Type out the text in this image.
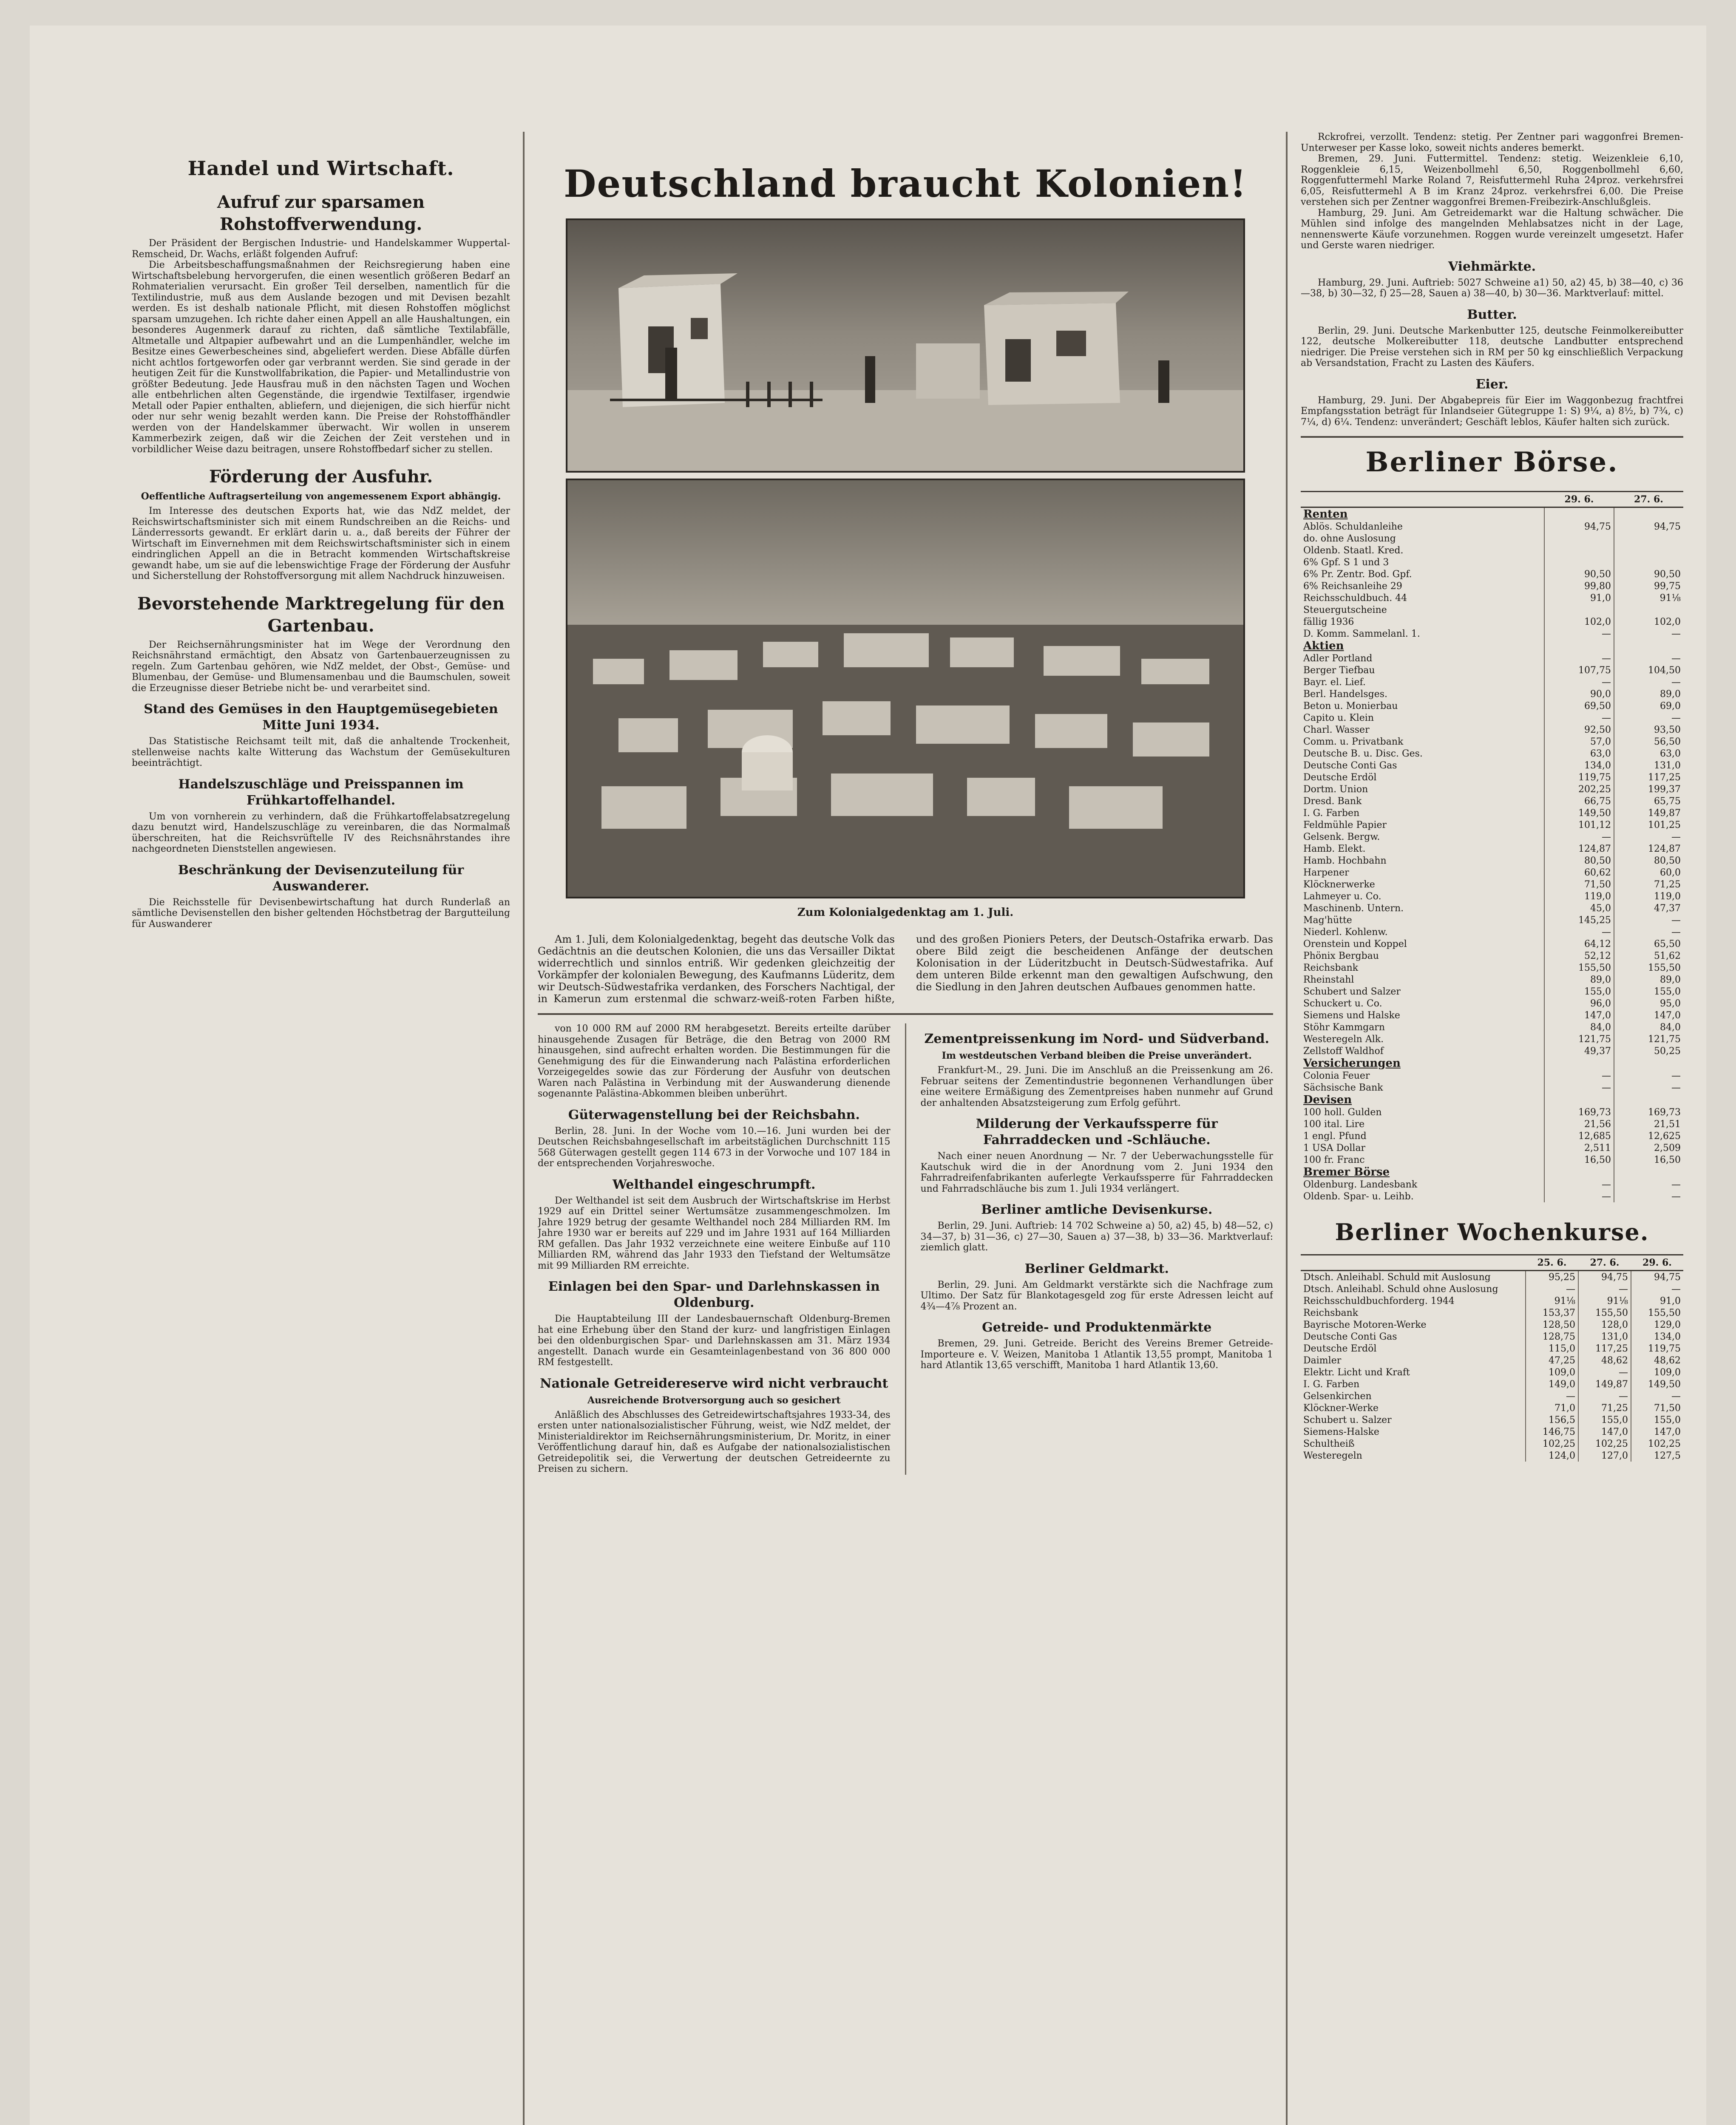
Handel und Wirtschaft.
Aufruf zur sparsamen Rohstoffverwendung.

Der Präsident der Bergischen Industrie- und Handelskammer Wuppertal-Remscheid, Dr. Wachs, erläßt folgenden Aufruf:

Die Arbeitsbeschaffungsmaßnahmen der Reichsregierung haben eine Wirtschaftsbelebung hervorgerufen, die einen wesentlich größeren Bedarf an Rohmaterialien verursacht. Ein großer Teil derselben, namentlich für die Textilindustrie, muß aus dem Auslande bezogen und mit Devisen bezahlt werden. Es ist deshalb nationale Pflicht, mit diesen Rohstoffen möglichst sparsam umzugehen. Ich richte daher einen Appell an alle Haushaltungen, ein besonderes Augenmerk darauf zu richten, daß sämtliche Textilabfälle, Altmetalle und Altpapier aufbewahrt und an die Lumpenhändler, welche im Besitze eines Gewerbescheines sind, abgeliefert werden. Diese Abfälle dürfen nicht achtlos fortgeworfen oder gar verbrannt werden. Sie sind gerade in der heutigen Zeit für die Kunstwollfabrikation, die Papier- und Metallindustrie von größter Bedeutung. Jede Hausfrau muß in den nächsten Tagen und Wochen alle entbehrlichen alten Gegenstände, die irgendwie Textilfaser, irgendwie Metall oder Papier enthalten, abliefern, und diejenigen, die sich hierfür nicht oder nur sehr wenig bezahlt werden kann. Die Preise der Rohstoffhändler werden von der Handelskammer überwacht. Wir wollen in unserem Kammerbezirk zeigen, daß wir die Zeichen der Zeit verstehen und in vorbildlicher Weise dazu beitragen, unsere Rohstoffbedarf sicher zu stellen.

Förderung der Ausfuhr.
Oeffentliche Auftragserteilung von angemessenem Export abhängig.

Im Interesse des deutschen Exports hat, wie das NdZ meldet, der Reichswirtschaftsminister sich mit einem Rundschreiben an die Reichs- und Länderressorts gewandt. Er erklärt darin u. a., daß bereits der Führer der Wirtschaft im Einvernehmen mit dem Reichswirtschaftsminister sich in einem eindringlichen Appell an die in Betracht kommenden Wirtschaftskreise gewandt habe, um sie auf die lebenswichtige Frage der Förderung der Ausfuhr und Sicherstellung der Rohstoffversorgung mit allem Nachdruck hinzuweisen.

Bevorstehende Marktregelung für den Gartenbau.

Der Reichsernährungsminister hat im Wege der Verordnung den Reichsnährstand ermächtigt, den Absatz von Gartenbauerzeugnissen zu regeln. Zum Gartenbau gehören, wie NdZ meldet, der Obst-, Gemüse- und Blumenbau, der Gemüse- und Blumensamenbau und die Baumschulen, soweit die Erzeugnisse dieser Betriebe nicht be- und verarbeitet sind.

Stand des Gemüses in den Hauptgemüsegebieten Mitte Juni 1934.

Das Statistische Reichsamt teilt mit, daß die anhaltende Trockenheit, stellenweise nachts kalte Witterung das Wachstum der Gemüsekulturen beeinträchtigt.

Handelszuschläge und Preisspannen im Frühkartoffelhandel.

Um von vornherein zu verhindern, daß die Frühkartoffelabsatzregelung dazu benutzt wird, Handelszuschläge zu vereinbaren, die das Normalmaß überschreiten, hat die Reichsvrüftelle IV des Reichsnährstandes ihre nachgeordneten Dienststellen angewiesen.

Beschränkung der Devisenzuteilung für Auswanderer.

Die Reichsstelle für Devisenbewirtschaftung hat durch Runderlaß an sämtliche Devisenstellen den bisher geltenden Höchstbetrag der Bargutteilung für Auswanderer

Deutschland braucht Kolonien!
Zum Kolonialgedenktag am 1. Juli.

Am 1. Juli, dem Kolonialgedenktag, begeht das deutsche Volk das Gedächtnis an die deutschen Kolonien, die uns das Versailler Diktat widerrechtlich und sinnlos entriß. Wir gedenken gleichzeitig der Vorkämpfer der kolonialen Bewegung, des Kaufmanns Lüderitz, dem wir Deutsch-Südwestafrika verdanken, des Forschers Nachtigal, der in Kamerun zum erstenmal die schwarz-weiß-roten Farben hißte, und des großen Pioniers Peters, der Deutsch-Ostafrika erwarb. Das obere Bild zeigt die bescheidenen Anfänge der deutschen Kolonisation in der Lüderitzbucht in Deutsch-Südwestafrika. Auf dem unteren Bilde erkennt man den gewaltigen Aufschwung, den die Siedlung in den Jahren deutschen Aufbaues genommen hatte.

von 10 000 RM auf 2000 RM herabgesetzt. Bereits erteilte darüber hinausgehende Zusagen für Beträge, die den Betrag von 2000 RM hinausgehen, sind aufrecht erhalten worden. Die Bestimmungen für die Genehmigung des für die Einwanderung nach Palästina erforderlichen Vorzeigegeldes sowie das zur Förderung der Ausfuhr von deutschen Waren nach Palästina in Verbindung mit der Auswanderung dienende sogenannte Palästina-Abkommen bleiben unberührt.

Güterwagenstellung bei der Reichsbahn.

Berlin, 28. Juni. In der Woche vom 10.—16. Juni wurden bei der Deutschen Reichsbahngesellschaft im arbeitstäglichen Durchschnitt 115 568 Güterwagen gestellt gegen 114 673 in der Vorwoche und 107 184 in der entsprechenden Vorjahreswoche.

Welthandel eingeschrumpft.

Der Welthandel ist seit dem Ausbruch der Wirtschaftskrise im Herbst 1929 auf ein Drittel seiner Wertumsätze zusammengeschmolzen. Im Jahre 1929 betrug der gesamte Welthandel noch 284 Milliarden RM. Im Jahre 1930 war er bereits auf 229 und im Jahre 1931 auf 164 Milliarden RM gefallen. Das Jahr 1932 verzeichnete eine weitere Einbuße auf 110 Milliarden RM, während das Jahr 1933 den Tiefstand der Weltumsätze mit 99 Milliarden RM erreichte.

Einlagen bei den Spar- und Darlehnskassen in Oldenburg.

Die Hauptabteilung III der Landesbauernschaft Oldenburg-Bremen hat eine Erhebung über den Stand der kurz- und langfristigen Einlagen bei den oldenburgischen Spar- und Darlehnskassen am 31. März 1934 angestellt. Danach wurde ein Gesamteinlagenbestand von 36 800 000 RM festgestellt.

Nationale Getreidereserve wird nicht verbraucht
Ausreichende Brotversorgung auch so gesichert

Anläßlich des Abschlusses des Getreidewirtschaftsjahres 1933-34, des ersten unter nationalsozialistischer Führung, weist, wie NdZ meldet, der Ministerialdirektor im Reichsernährungsministerium, Dr. Moritz, in einer Veröffentlichung darauf hin, daß es Aufgabe der nationalsozialistischen Getreidepolitik sei, die Verwertung der deutschen Getreideernte zu Preisen zu sichern.

Zementpreissenkung im Nord- und Südverband.
Im westdeutschen Verband bleiben die Preise unverändert.

Frankfurt-M., 29. Juni. Die im Anschluß an die Preissenkung am 26. Februar seitens der Zementindustrie begonnenen Verhandlungen über eine weitere Ermäßigung des Zementpreises haben nunmehr auf Grund der anhaltenden Absatzsteigerung zum Erfolg geführt.

Milderung der Verkaufssperre für Fahrraddecken und -Schläuche.

Nach einer neuen Anordnung — Nr. 7 der Ueberwachungsstelle für Kautschuk wird die in der Anordnung vom 2. Juni 1934 den Fahrradreifenfabrikanten auferlegte Verkaufssperre für Fahrraddecken und Fahrradschläuche bis zum 1. Juli 1934 verlängert.

Berliner amtliche Devisenkurse.

Berlin, 29. Juni. Auftrieb: 14 702 Schweine a) 50, a2) 45, b) 48—52, c) 34—37, b) 31—36, c) 27—30, Sauen a) 37—38, b) 33—36. Marktverlauf: ziemlich glatt.

Berliner Geldmarkt.

Berlin, 29. Juni. Am Geldmarkt verstärkte sich die Nachfrage zum Ultimo. Der Satz für Blankotagesgeld zog für erste Adressen leicht auf 4¾—4⅞ Prozent an.

Getreide- und Produktenmärkte

Bremen, 29. Juni. Getreide. Bericht des Vereins Bremer Getreide-Importeure e. V. Weizen, Manitoba 1 Atlantik 13,55 prompt, Manitoba 1 hard Atlantik 13,65 verschifft, Manitoba 1 hard Atlantik 13,60.

Rckrofrei, verzollt. Tendenz: stetig. Per Zentner pari waggonfrei Bremen-Unterweser per Kasse loko, soweit nichts anderes bemerkt.

Bremen, 29. Juni. Futtermittel. Tendenz: stetig. Weizenkleie 6,10, Roggenkleie 6,15, Weizenbollmehl 6,50, Roggenbollmehl 6,60, Roggenfuttermehl Marke Roland 7, Reisfuttermehl Ruha 24proz. verkehrsfrei 6,05, Reisfuttermehl A B im Kranz 24proz. verkehrsfrei 6,00. Die Preise verstehen sich per Zentner waggonfrei Bremen-Freibezirk-Anschlußgleis.

Hamburg, 29. Juni. Am Getreidemarkt war die Haltung schwächer. Die Mühlen sind infolge des mangelnden Mehlabsatzes nicht in der Lage, nennenswerte Käufe vorzunehmen. Roggen wurde vereinzelt umgesetzt. Hafer und Gerste waren niedriger.

Viehmärkte.

Hamburg, 29. Juni. Auftrieb: 5027 Schweine a1) 50, a2) 45, b) 38—40, c) 36—38, b) 30—32, f) 25—28, Sauen a) 38—40, b) 30—36. Marktverlauf: mittel.

Butter.

Berlin, 29. Juni. Deutsche Markenbutter 125, deutsche Feinmolkereibutter 122, deutsche Molkereibutter 118, deutsche Landbutter entsprechend niedriger. Die Preise verstehen sich in RM per 50 kg einschließlich Verpackung ab Versandstation, Fracht zu Lasten des Käufers.

Eier.

Hamburg, 29. Juni. Der Abgabepreis für Eier im Waggonbezug frachtfrei Empfangsstation beträgt für Inlandseier Gütegruppe 1: S) 9¼, a) 8½, b) 7¾, c) 7¼, d) 6¼. Tendenz: unverändert; Geschäft leblos, Käufer halten sich zurück.

Berliner Börse.
	29. 6.	27. 6.
Renten		
Ablös. Schuldanleihe	94,75	94,75
do. ohne Auslosung		
Oldenb. Staatl. Kred.		
6% Gpf. S 1 und 3		
6% Pr. Zentr. Bod. Gpf.	90,50	90,50
6% Reichsanleihe 29	99,80	99,75
Reichsschuldbuch. 44	91,0	91⅛
Steuergutscheine		
fällig 1936	102,0	102,0
D. Komm. Sammelanl. 1.	—	—
Aktien		
Adler Portland	—	—
Berger Tiefbau	107,75	104,50
Bayr. el. Lief.	—	—
Berl. Handelsges.	90,0	89,0
Beton u. Monierbau	69,50	69,0
Capito u. Klein	—	—
Charl. Wasser	92,50	93,50
Comm. u. Privatbank	57,0	56,50
Deutsche B. u. Disc. Ges.	63,0	63,0
Deutsche Conti Gas	134,0	131,0
Deutsche Erdöl	119,75	117,25
Dortm. Union	202,25	199,37
Dresd. Bank	66,75	65,75
I. G. Farben	149,50	149,87
Feldmühle Papier	101,12	101,25
Gelsenk. Bergw.	—	—
Hamb. Elekt.	124,87	124,87
Hamb. Hochbahn	80,50	80,50
Harpener	60,62	60,0
Klöcknerwerke	71,50	71,25
Lahmeyer u. Co.	119,0	119,0
Maschinenb. Untern.	45,0	47,37
Mag'hütte	145,25	—
Niederl. Kohlenw.	—	—
Orenstein und Koppel	64,12	65,50
Phönix Bergbau	52,12	51,62
Reichsbank	155,50	155,50
Rheinstahl	89,0	89,0
Schubert und Salzer	155,0	155,0
Schuckert u. Co.	96,0	95,0
Siemens und Halske	147,0	147,0
Stöhr Kammgarn	84,0	84,0
Westeregeln Alk.	121,75	121,75
Zellstoff Waldhof	49,37	50,25
Versicherungen		
Colonia Feuer	—	—
Sächsische Bank	—	—
Devisen		
100 holl. Gulden	169,73	169,73
100 ital. Lire	21,56	21,51
1 engl. Pfund	12,685	12,625
1 USA Dollar	2,511	2,509
100 fr. Franc	16,50	16,50
Bremer Börse		
Oldenburg. Landesbank	—	—
Oldenb. Spar- u. Leihb.	—	—
Berliner Wochenkurse.
	25. 6.	27. 6.	29. 6.
Dtsch. Anleihabl. Schuld mit Auslosung	95,25	94,75	94,75
Dtsch. Anleihabl. Schuld ohne Auslosung	—	—	—
Reichsschuldbuchforderg. 1944	91⅛	91⅛	91,0
Reichsbank	153,37	155,50	155,50
Bayrische Motoren-Werke	128,50	128,0	129,0
Deutsche Conti Gas	128,75	131,0	134,0
Deutsche Erdöl	115,0	117,25	119,75
Daimler	47,25	48,62	48,62
Elektr. Licht und Kraft	109,0	—	109,0
I. G. Farben	149,0	149,87	149,50
Gelsenkirchen	—	—	—
Klöckner-Werke	71,0	71,25	71,50
Schubert u. Salzer	156,5	155,0	155,0
Siemens-Halske	146,75	147,0	147,0
Schultheiß	102,25	102,25	102,25
Westeregeln	124,0	127,0	127,5
